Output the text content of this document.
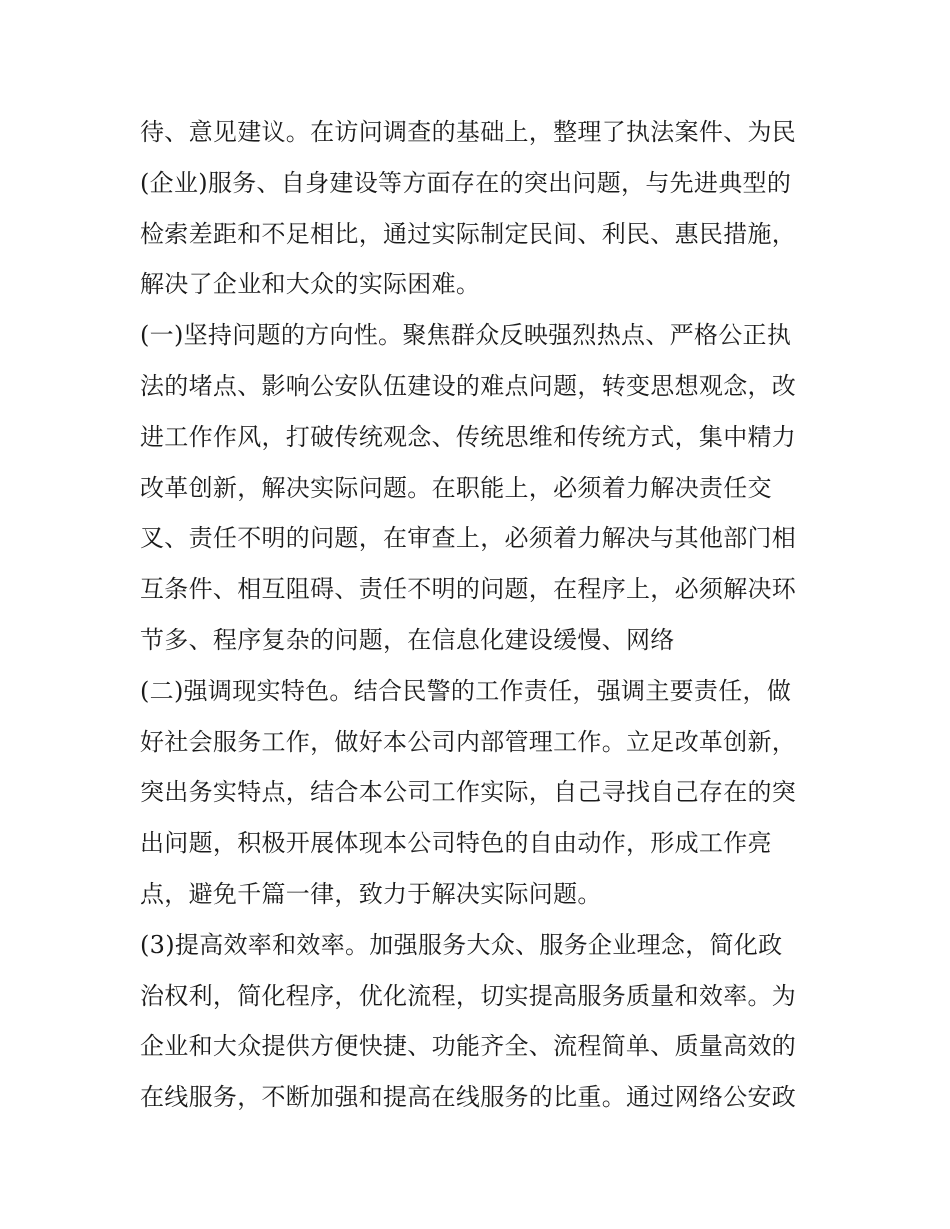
待、意见建议。在访问调查的基础上，整理了执法案件、为民
(企业)服务、自身建设等方面存在的突出问题，与先进典型的
检索差距和不足相比，通过实际制定民间、利民、惠民措施，
解决了企业和大众的实际困难。
(一)坚持问题的方向性。聚焦群众反映强烈热点、严格公正执
法的堵点、影响公安队伍建设的难点问题，转变思想观念，改
进工作作风，打破传统观念、传统思维和传统方式，集中精力
改革创新，解决实际问题。在职能上，必须着力解决责任交
叉、责任不明的问题，在审查上，必须着力解决与其他部门相
互条件、相互阻碍、责任不明的问题，在程序上，必须解决环
节多、程序复杂的问题，在信息化建设缓慢、网络
(二)强调现实特色。结合民警的工作责任，强调主要责任，做
好社会服务工作，做好本公司内部管理工作。立足改革创新，
突出务实特点，结合本公司工作实际，自己寻找自己存在的突
出问题，积极开展体现本公司特色的自由动作，形成工作亮
点，避免千篇一律，致力于解决实际问题。
(3)提高效率和效率。加强服务大众、服务企业理念，简化政
治权利，简化程序，优化流程，切实提高服务质量和效率。为
企业和大众提供方便快捷、功能齐全、流程简单、质量高效的
在线服务，不断加强和提高在线服务的比重。通过网络公安政
